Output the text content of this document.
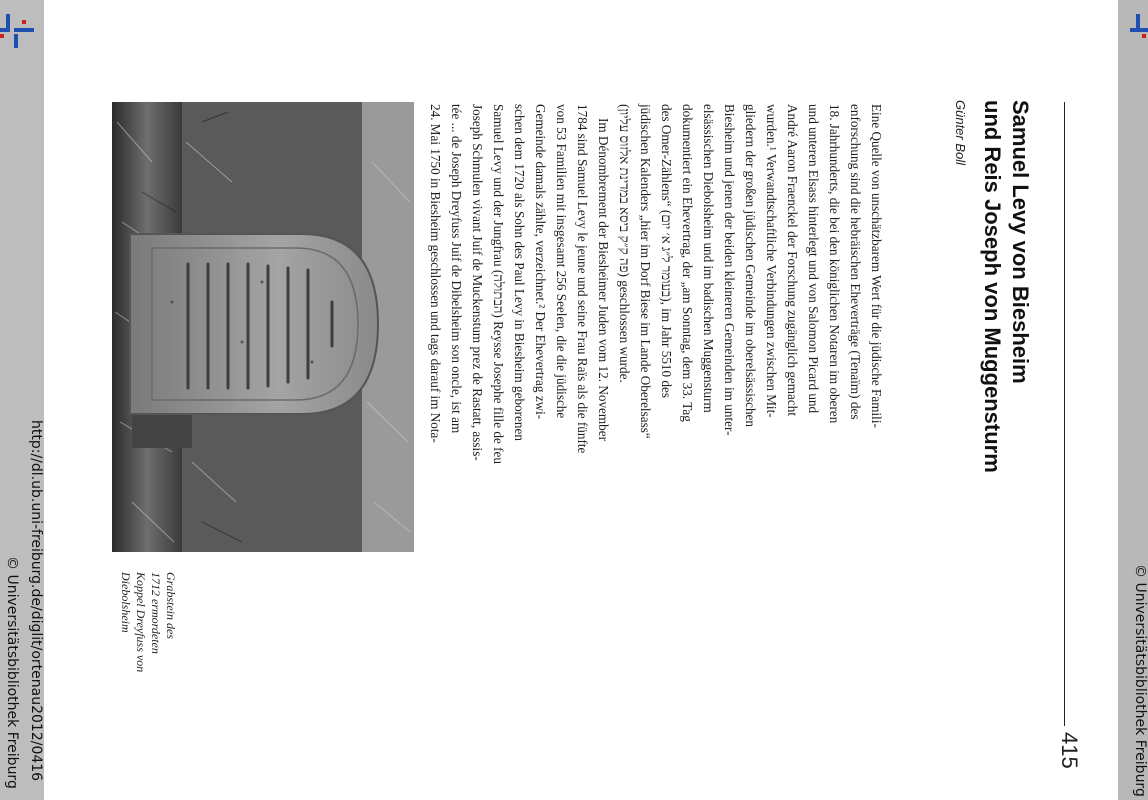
http://dl.ub.uni-freiburg.de/diglit/ortenau2012/0416
© Universitätsbibliothek Freiburg	© Universitätsbibliothek Freiburg
415
Samuel Levy von Biesheim
und Reis Joseph von Muggensturm
Günter Boll
Eine Quelle von unschätzbarem Wert für die jüdische Famili-
enforschung sind die hebräischen Eheverträge (Tenaïm) des
18. Jahrhunderts, die bei den königlichen Notaren im oberen
und unteren Elsass hinterlegt und von Salomon Picard und
André Aaron Fraenckel der Forschung zugänglich gemacht
wurden.¹ Verwandtschaftliche Verbindungen zwischen Mit-
gliedern der großen jüdischen Gemeinde im oberelsässischen
Biesheim und jenen der beiden kleineren Gemeinden im unter-
elsässischen Diebolsheim und im badischen Muggensturm
dokumentiert ein Ehevertrag, der „am Sonntag, dem 33. Tag
des Omer-Zählens“ (בעומר ל״ג א׳ יום), im Jahr 5510 des
jüdischen Kalenders „hier im Dorf Biese im Lande Oberelsass“
(פה ק״ק ביסא במדינת אלזוס עליון) geschlossen wurde.
Im Dénombrement der Biesheimer Juden vom 12. November
1784 sind Samuel Levy le jeune und seine Frau Raïs als die fünfte
von 53 Familien mit insgesamt 256 Seelen, die die jüdische
Gemeinde damals zählte, verzeichnet.² Der Ehevertrag zwi-
schen dem 1720 als Sohn des Paul Levy in Biesheim geborenen
Samuel Levy und der Jungfrau (הבתולה) Reysse Josephe fille de feu
Joseph Schmulen vivant Juif de Muckenstum prez de Rastatt, assis-
tée ... de Joseph Dreyfuss Juif de Dibelsheim son oncle, ist am
24. Mai 1750 in Biesheim geschlossen und tags darauf im Nota-
Grabstein des
1712 ermordeten
Koppel Dreyfuss von
Diebolsheim
